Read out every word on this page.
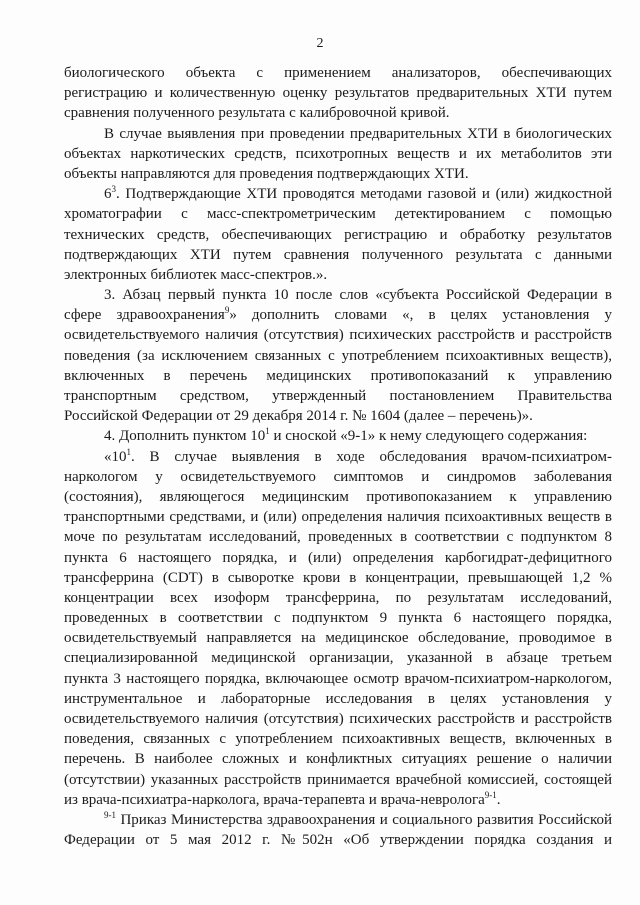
2
биологического объекта с применением анализаторов, обеспечивающих
регистрацию и количественную оценку результатов предварительных ХТИ путем
сравнения полученного результата с калибровочной кривой.
В случае выявления при проведении предварительных ХТИ в биологических
объектах наркотических средств, психотропных веществ и их метаболитов эти
объекты направляются для проведения подтверждающих ХТИ.
$6^3$. Подтверждающие ХТИ проводятся методами газовой и (или) жидкостной
хроматографии с масс-спектрометрическим детектированием с помощью
технических средств, обеспечивающих регистрацию и обработку результатов
подтверждающих ХТИ путем сравнения полученного результата с данными
электронных библиотек масс-спектров.».
3. Абзац первый пункта 10 после слов «субъекта Российской Федерации в
сфере здравоохранения$^9$» дополнить словами «, в целях установления у
освидетельствуемого наличия (отсутствия) психических расстройств и расстройств
поведения (за исключением связанных с употреблением психоактивных веществ),
включенных в перечень медицинских противопоказаний к управлению
транспортным средством, утвержденный постановлением Правительства
Российской Федерации от 29 декабря 2014 г. № 1604 (далее – перечень)».
4. Дополнить пунктом $10^1$ и сноской «9-1» к нему следующего содержания:
«$10^1$. В случае выявления в ходе обследования врачом-психиатром-
наркологом у освидетельствуемого симптомов и синдромов заболевания
(состояния), являющегося медицинским противопоказанием к управлению
транспортными средствами, и (или) определения наличия психоактивных веществ в
моче по результатам исследований, проведенных в соответствии с подпунктом 8
пункта 6 настоящего порядка, и (или) определения карбогидрат-дефицитного
трансферрина (CDT) в сыворотке крови в концентрации, превышающей 1,2 %
концентрации всех изоформ трансферрина, по результатам исследований,
проведенных в соответствии с подпунктом 9 пункта 6 настоящего порядка,
освидетельствуемый направляется на медицинское обследование, проводимое в
специализированной медицинской организации, указанной в абзаце третьем
пункта 3 настоящего порядка, включающее осмотр врачом-психиатром-наркологом,
инструментальное и лабораторные исследования в целях установления у
освидетельствуемого наличия (отсутствия) психических расстройств и расстройств
поведения, связанных с употреблением психоактивных веществ, включенных в
перечень. В наиболее сложных и конфликтных ситуациях решение о наличии
(отсутствии) указанных расстройств принимается врачебной комиссией, состоящей
из врача-психиатра-нарколога, врача-терапевта и врача-невролога$^{9-1}$.
$^{9-1}$ Приказ Министерства здравоохранения и социального развития Российской
Федерации от 5 мая 2012 г. №502н «Об утверждении порядка создания и
